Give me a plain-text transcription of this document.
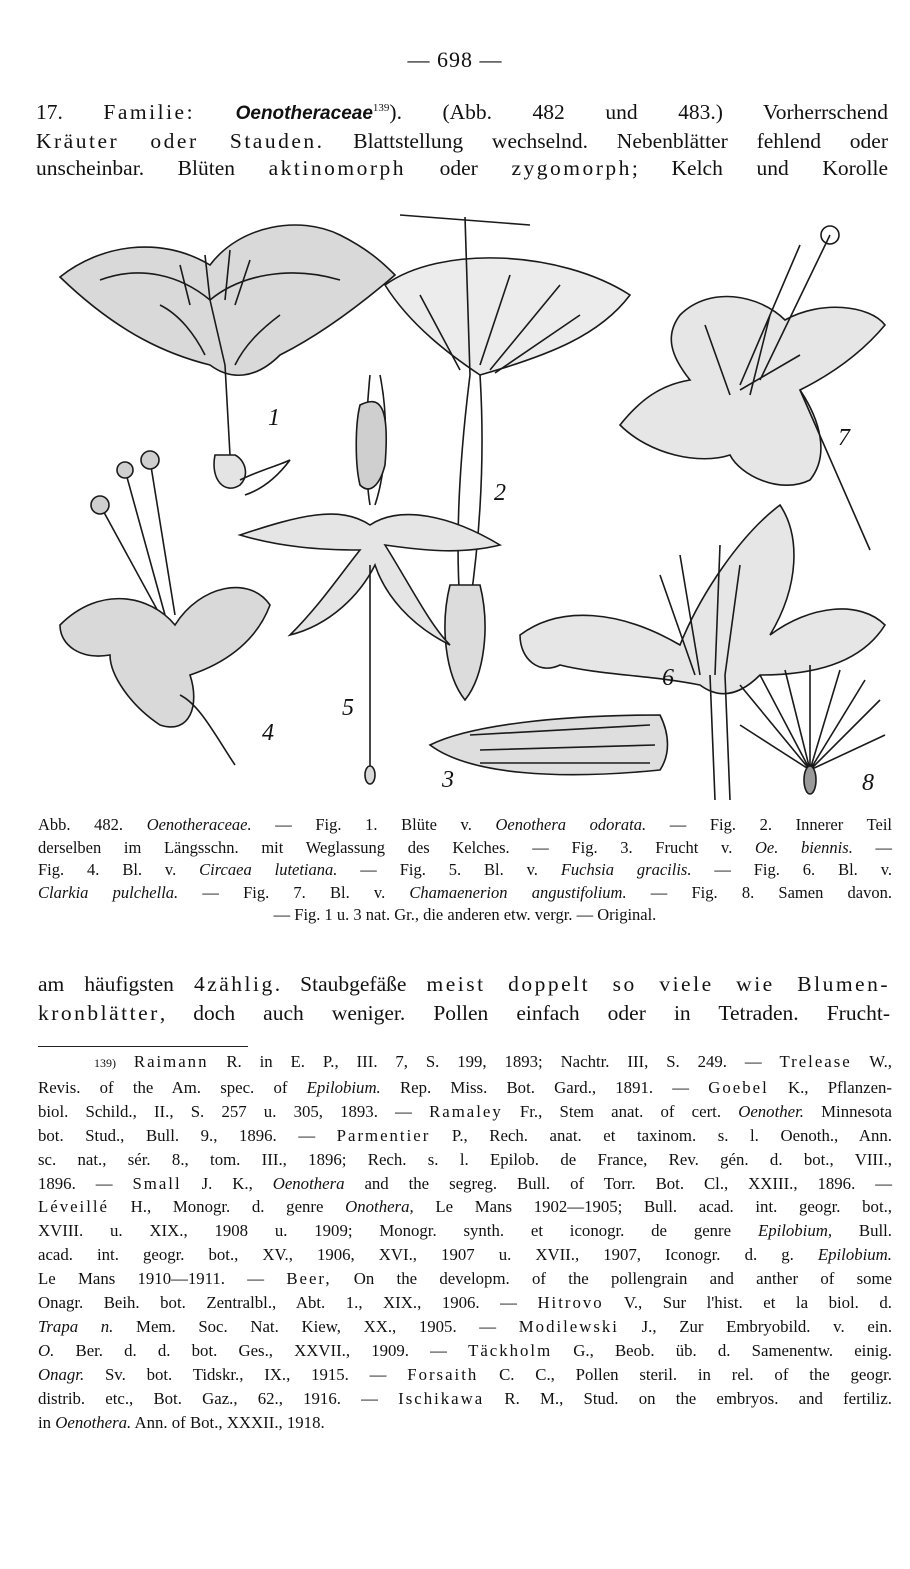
— 698 —
17. Familie: Oenotheraceae$^{139}$). (Abb. 482 und 483.) Vorherrschend
Kräuter oder Stauden. Blattstellung wechselnd. Nebenblätter fehlend oder
unscheinbar. Blüten aktinomorph oder zygomorph; Kelch und Korolle
1
2
3
4
5
6
7
8
Abb. 482. Oenotheraceae. — Fig. 1. Blüte v. Oenothera odorata. — Fig. 2. Innerer Teil
derselben im Längsschn. mit Weglassung des Kelches. — Fig. 3. Frucht v. Oe. biennis. —
Fig. 4. Bl. v. Circaea lutetiana. — Fig. 5. Bl. v. Fuchsia gracilis. — Fig. 6. Bl. v.
Clarkia pulchella. — Fig. 7. Bl. v. Chamaenerion angustifolium. — Fig. 8. Samen davon.
— Fig. 1 u. 3 nat. Gr., die anderen etw. vergr. — Original.
am häufigsten 4zählig. Staubgefäße meist doppelt so viele wie Blumen-
kronblätter, doch auch weniger. Pollen einfach oder in Tetraden. Frucht-
139) Raimann R. in E. P., III. 7, S. 199, 1893; Nachtr. III, S. 249. — Trelease W.,
Revis. of the Am. spec. of Epilobium. Rep. Miss. Bot. Gard., 1891. — Goebel K., Pflanzen-
biol. Schild., II., S. 257 u. 305, 1893. — Ramaley Fr., Stem anat. of cert. Oenother. Minnesota
bot. Stud., Bull. 9., 1896. — Parmentier P., Rech. anat. et taxinom. s. l. Oenoth., Ann.
sc. nat., sér. 8., tom. III., 1896; Rech. s. l. Epilob. de France, Rev. gén. d. bot., VIII.,
1896. — Small J. K., Oenothera and the segreg. Bull. of Torr. Bot. Cl., XXIII., 1896. —
Léveillé H., Monogr. d. genre Onothera, Le Mans 1902—1905; Bull. acad. int. geogr. bot.,
XVIII. u. XIX., 1908 u. 1909; Monogr. synth. et iconogr. de genre Epilobium, Bull.
acad. int. geogr. bot., XV., 1906, XVI., 1907 u. XVII., 1907, Iconogr. d. g. Epilobium.
Le Mans 1910—1911. — Beer, On the developm. of the pollengrain and anther of some
Onagr. Beih. bot. Zentralbl., Abt. 1., XIX., 1906. — Hitrovo V., Sur l'hist. et la biol. d.
Trapa n. Mem. Soc. Nat. Kiew, XX., 1905. — Modilewski J., Zur Embryobild. v. ein.
O. Ber. d. d. bot. Ges., XXVII., 1909. — Täckholm G., Beob. üb. d. Samenentw. einig.
Onagr. Sv. bot. Tidskr., IX., 1915. — Forsaith C. C., Pollen steril. in rel. of the geogr.
distrib. etc., Bot. Gaz., 62., 1916. — Ischikawa R. M., Stud. on the embryos. and fertiliz.
in Oenothera. Ann. of Bot., XXXII., 1918.
